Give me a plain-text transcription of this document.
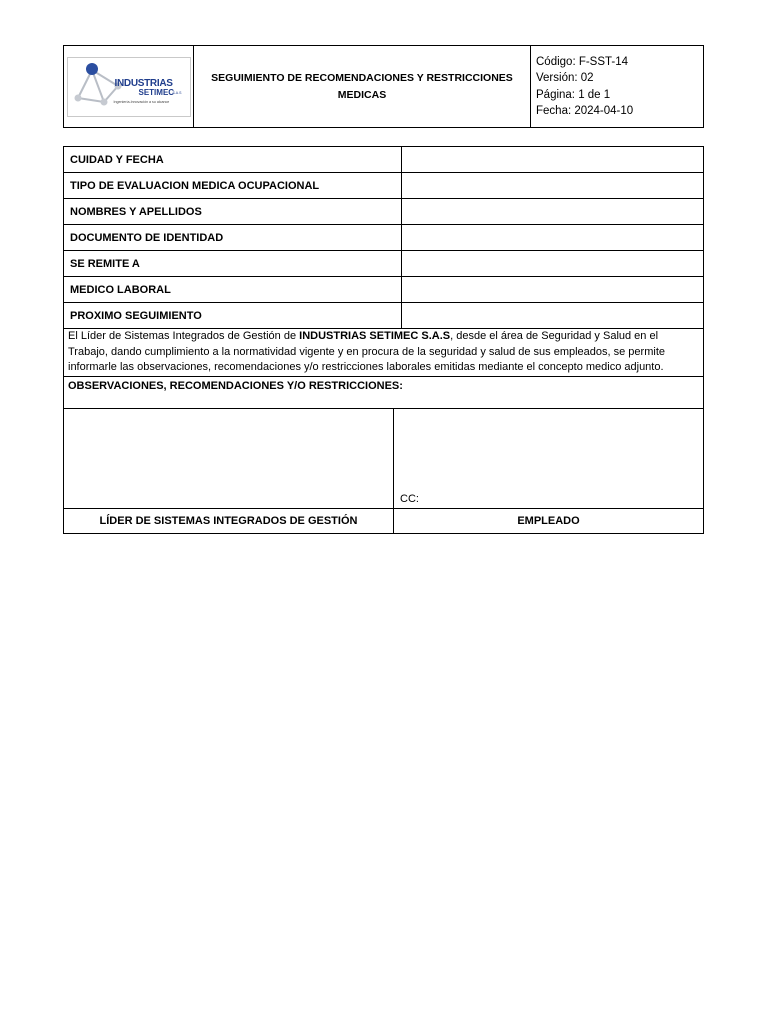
INDUSTRIAS
SETIMEC
S.A.S
Ingeniería-Innovación a su alcance
	SEGUIMIENTO DE RECOMENDACIONES Y RESTRICCIONES MEDICAS	
Código: F-SST-14
Versión: 02
Página: 1 de 1
Fecha: 2024-04-10
CUIDAD Y FECHA	
TIPO DE EVALUACION MEDICA OCUPACIONAL	
NOMBRES Y APELLIDOS	
DOCUMENTO DE IDENTIDAD	
SE REMITE A	
MEDICO LABORAL	
PROXIMO SEGUIMIENTO	
El Líder de Sistemas Integrados de Gestión de INDUSTRIAS SETIMEC S.A.S, desde el área de Seguridad y Salud en el Trabajo, dando cumplimiento a la normatividad vigente y en procura de la seguridad y salud de sus empleados, se permite informarle las observaciones, recomendaciones y/o restricciones laborales emitidas mediante el concepto medico adjunto.	
OBSERVACIONES, RECOMENDACIONES Y/O RESTRICCIONES:	
	CC:
LÍDER DE SISTEMAS INTEGRADOS DE GESTIÓN	EMPLEADO
